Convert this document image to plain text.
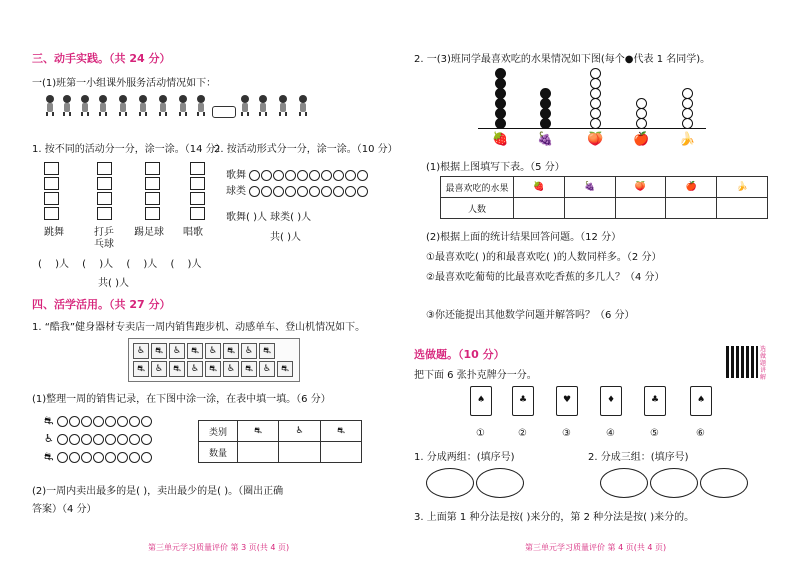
三、动手实践。（共 24 分）
一(1)班第一小组课外服务活动情况如下：
1. 按不同的活动分一分，涂一涂。（14 分）
2. 按活动形式分一分，涂一涂。（10 分）
跳舞	打乒
乓球
踢足球 唱歌
歌舞
球类
歌舞( )人 球类( )人
共( )人
( )人 ( )人 ( )人 ( )人
共( )人
四、活学活用。（共 27 分）
1. “酷我”健身器材专卖店一周内销售跑步机、动感单车、登山机情况如下。
♿	⛐	♿	⛐	♿	⛐	♿	⛐
⛐	♿	⛐	♿	⛐	♿	⛐	♿	⛐
(1)整理一周的销售记录，在下图中涂一涂，在表中填一填。（6 分）
⛐
♿
⛐
类别	⛐	♿	⛐
数量			
(2)一周内卖出最多的是( )，卖出最少的是( )。（圈出正确
答案）（4 分）
第三单元学习质量评价 第 3 页(共 4 页)
2. 一(3)班同学最喜欢吃的水果情况如下图(每个●代表 1 名同学)。
🍓 🍇	🍑 🍎 🍌
(1)根据上图填写下表。（5 分）
最喜欢吃的水果	🍓	🍇	🍑	🍎	🍌
人数					
(2)根据上面的统计结果回答问题。（12 分）
①最喜欢吃( )的和最喜欢吃( )的人数同样多。（2 分）
②最喜欢吃葡萄的比最喜欢吃香蕉的多几人？（4 分）
③你还能提出其他数学问题并解答吗？（6 分）
选做题。（10 分）	选做题讲解
把下面 6 张扑克牌分一分。
♠	♣	♥	♦	♣	♠
①	②	③	④	⑤	⑥
1. 分成两组：(填序号)	2. 分成三组：(填序号)
3. 上面第 1 种分法是按( )来分的，第 2 种分法是按( )来分的。
第三单元学习质量评价 第 4 页(共 4 页)
